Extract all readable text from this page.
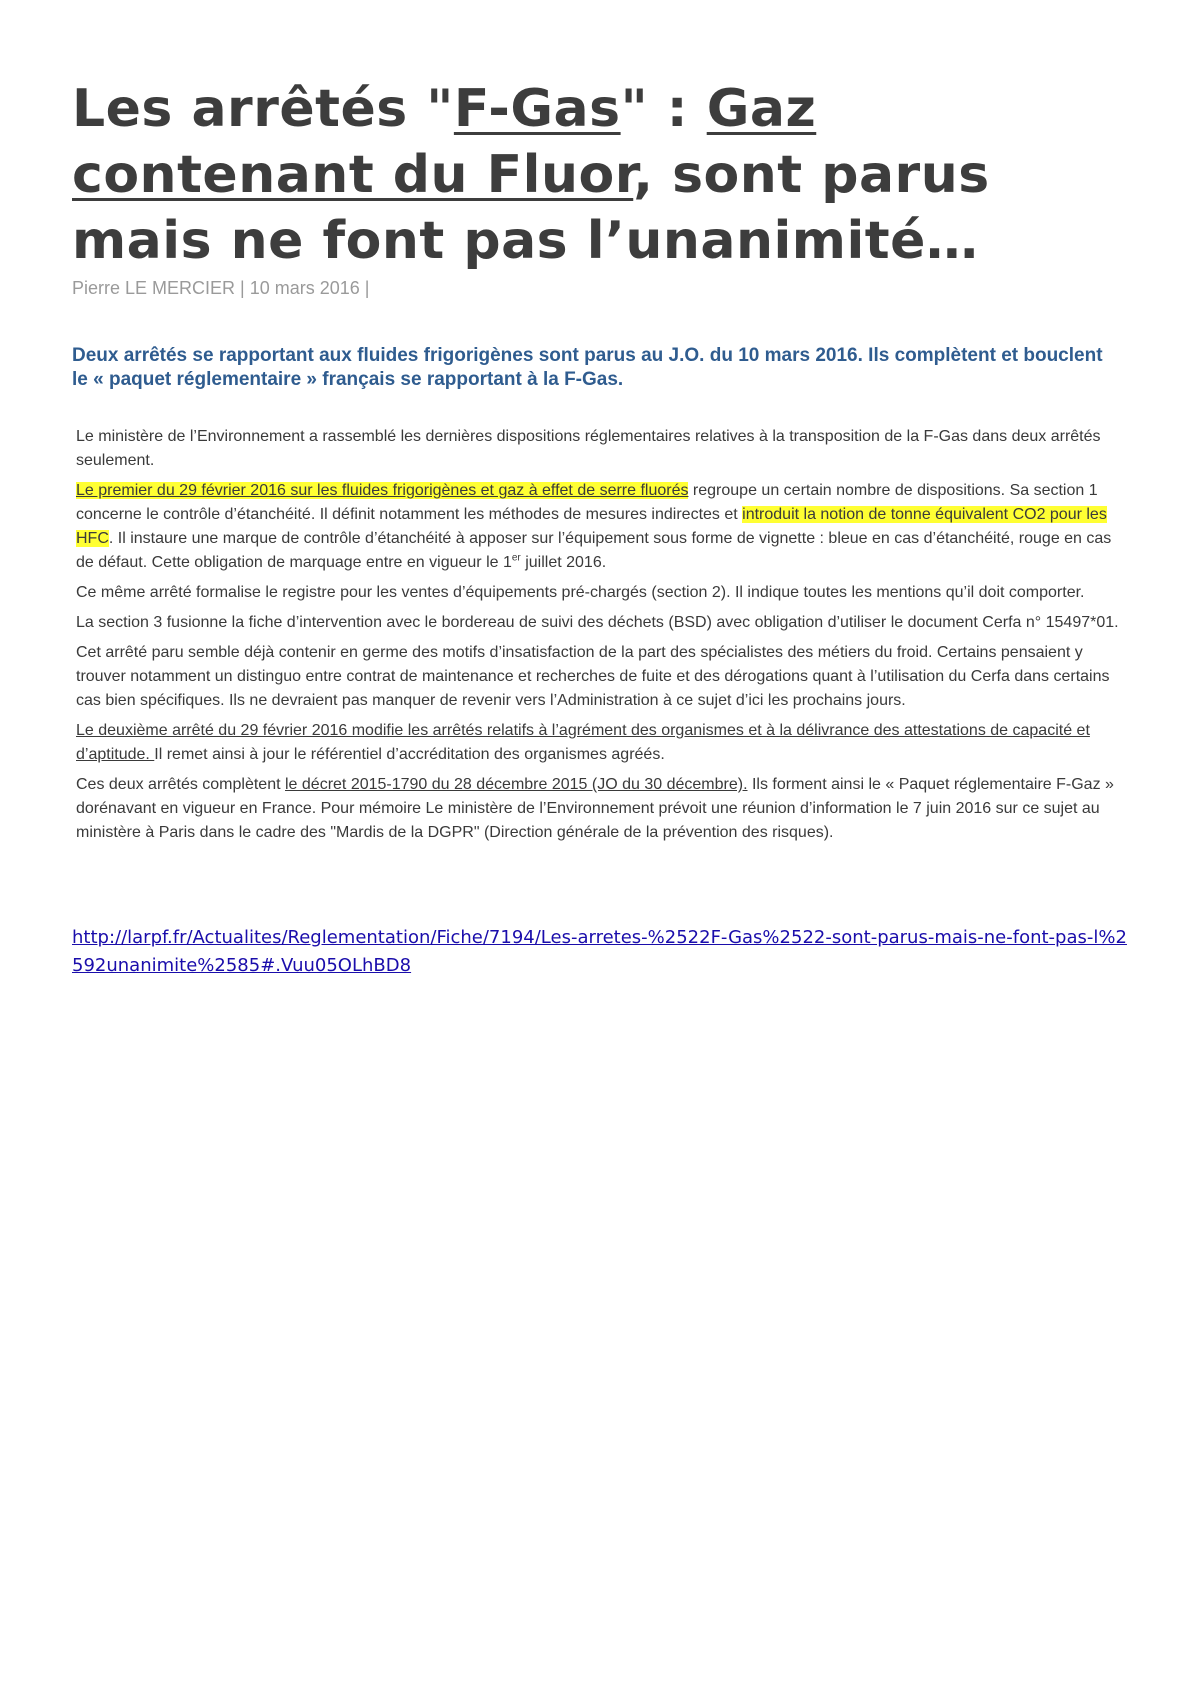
Les arrêtés "F-Gas" : Gaz contenant du Fluor, sont parus mais ne font pas l’unanimité…
Pierre LE MERCIER | 10 mars 2016 |
Deux arrêtés se rapportant aux fluides frigorigènes sont parus au J.O. du 10 mars 2016. Ils complètent et bouclent le « paquet réglementaire » français se rapportant à la F-Gas.

Le ministère de l’Environnement a rassemblé les dernières dispositions réglementaires relatives à la transposition de la F-Gas dans deux arrêtés seulement.

Le premier du 29 février 2016 sur les fluides frigorigènes et gaz à effet de serre fluorés regroupe un certain nombre de dispositions. Sa section 1 concerne le contrôle d’étanchéité. Il définit notamment les méthodes de mesures indirectes et introduit la notion de tonne équivalent CO2 pour les HFC. Il instaure une marque de contrôle d’étanchéité à apposer sur l’équipement sous forme de vignette : bleue en cas d’étanchéité, rouge en cas de défaut. Cette obligation de marquage entre en vigueur le 1er juillet 2016.

Ce même arrêté formalise le registre pour les ventes d’équipements pré-chargés (section 2). Il indique toutes les mentions qu’il doit comporter.

La section 3 fusionne la fiche d’intervention avec le bordereau de suivi des déchets (BSD) avec obligation d’utiliser le document Cerfa n° 15497*01.

Cet arrêté paru semble déjà contenir en germe des motifs d’insatisfaction de la part des spécialistes des métiers du froid. Certains pensaient y trouver notamment un distinguo entre contrat de maintenance et recherches de fuite et des dérogations quant à l’utilisation du Cerfa dans certains cas bien spécifiques. Ils ne devraient pas manquer de revenir vers l’Administration à ce sujet d’ici les prochains jours.

Le deuxième arrêté du 29 février 2016 modifie les arrêtés relatifs à l’agrément des organismes et à la délivrance des attestations de capacité et d’aptitude. Il remet ainsi à jour le référentiel d’accréditation des organismes agréés.

Ces deux arrêtés complètent le décret 2015-1790 du 28 décembre 2015 (JO du 30 décembre). Ils forment ainsi le « Paquet réglementaire F-Gaz » dorénavant en vigueur en France. Pour mémoire Le ministère de l’Environnement prévoit une réunion d’information le 7 juin 2016 sur ce sujet au ministère à Paris dans le cadre des "Mardis de la DGPR" (Direction générale de la prévention des risques).

http://larpf.fr/Actualites/Reglementation/Fiche/7194/Les-arretes-%2522F-Gas%2522-sont-parus-mais-ne-font-pas-l%2592unanimite%2585#.Vuu05OLhBD8
